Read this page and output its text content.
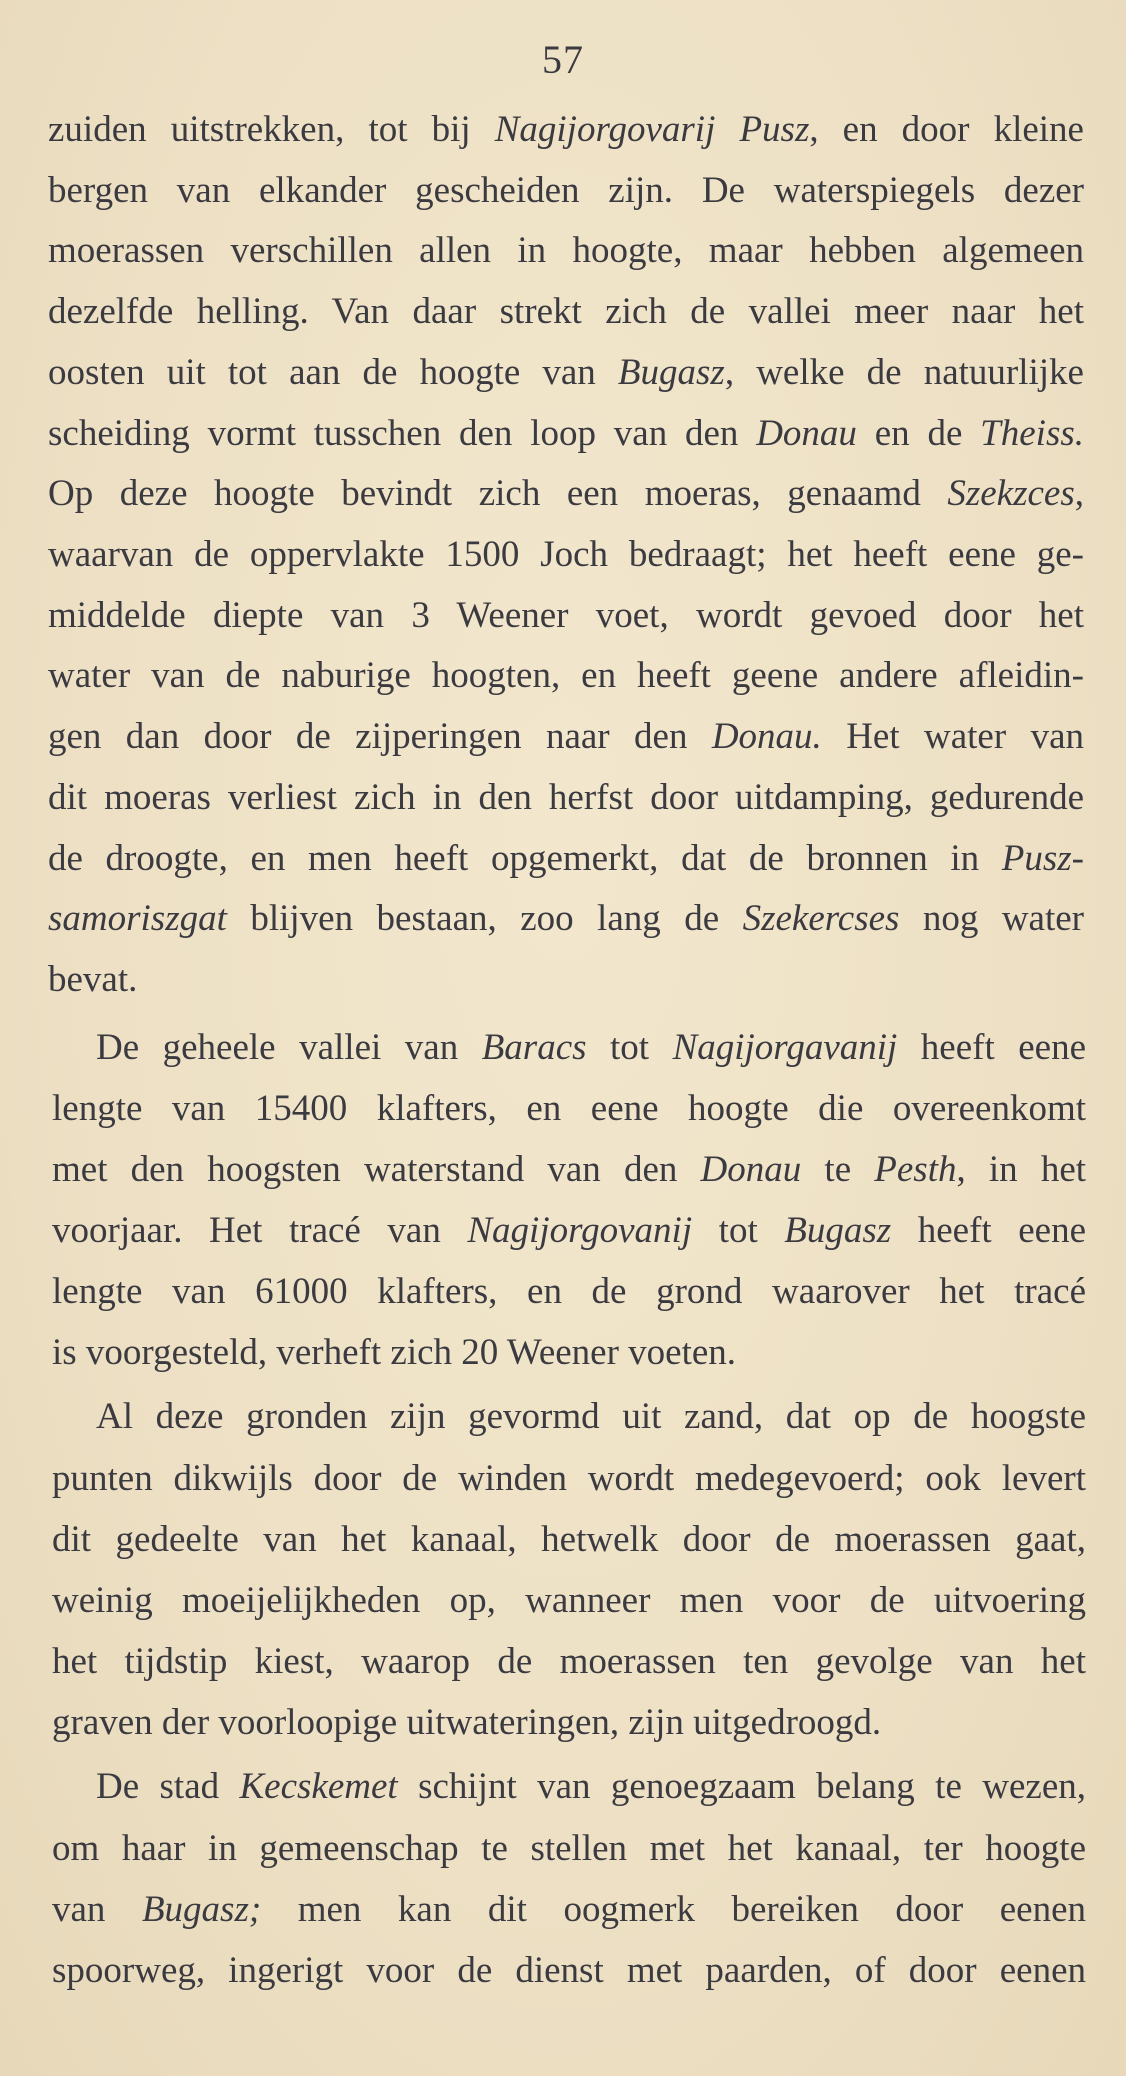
57
zuiden uitstrekken, tot bij Nagijorgovarij Pusz, en door kleine
bergen van elkander gescheiden zijn. De waterspiegels dezer
moerassen verschillen allen in hoogte, maar hebben algemeen
dezelfde helling. Van daar strekt zich de vallei meer naar het
oosten uit tot aan de hoogte van Bugasz, welke de natuurlijke
scheiding vormt tusschen den loop van den Donau en de Theiss.
Op deze hoogte bevindt zich een moeras, genaamd Szekzces,
waarvan de oppervlakte 1500 Joch bedraagt; het heeft eene ge-
middelde diepte van 3 Weener voet, wordt gevoed door het
water van de naburige hoogten, en heeft geene andere afleidin-
gen dan door de zijperingen naar den Donau. Het water van
dit moeras verliest zich in den herfst door uitdamping, gedurende
de droogte, en men heeft opgemerkt, dat de bronnen in Pusz-
samoriszgat blijven bestaan, zoo lang de Szekercses nog water
bevat.
De geheele vallei van Baracs tot Nagijorgavanij heeft eene
lengte van 15400 klafters, en eene hoogte die overeenkomt
met den hoogsten waterstand van den Donau te Pesth, in het
voorjaar. Het tracé van Nagijorgovanij tot Bugasz heeft eene
lengte van 61000 klafters, en de grond waarover het tracé
is voorgesteld, verheft zich 20 Weener voeten.
Al deze gronden zijn gevormd uit zand, dat op de hoogste
punten dikwijls door de winden wordt medegevoerd; ook levert
dit gedeelte van het kanaal, hetwelk door de moerassen gaat,
weinig moeijelijkheden op, wanneer men voor de uitvoering
het tijdstip kiest, waarop de moerassen ten gevolge van het
graven der voorloopige uitwateringen, zijn uitgedroogd.
De stad Kecskemet schijnt van genoegzaam belang te wezen,
om haar in gemeenschap te stellen met het kanaal, ter hoogte
van Bugasz; men kan dit oogmerk bereiken door eenen
spoorweg, ingerigt voor de dienst met paarden, of door eenen
